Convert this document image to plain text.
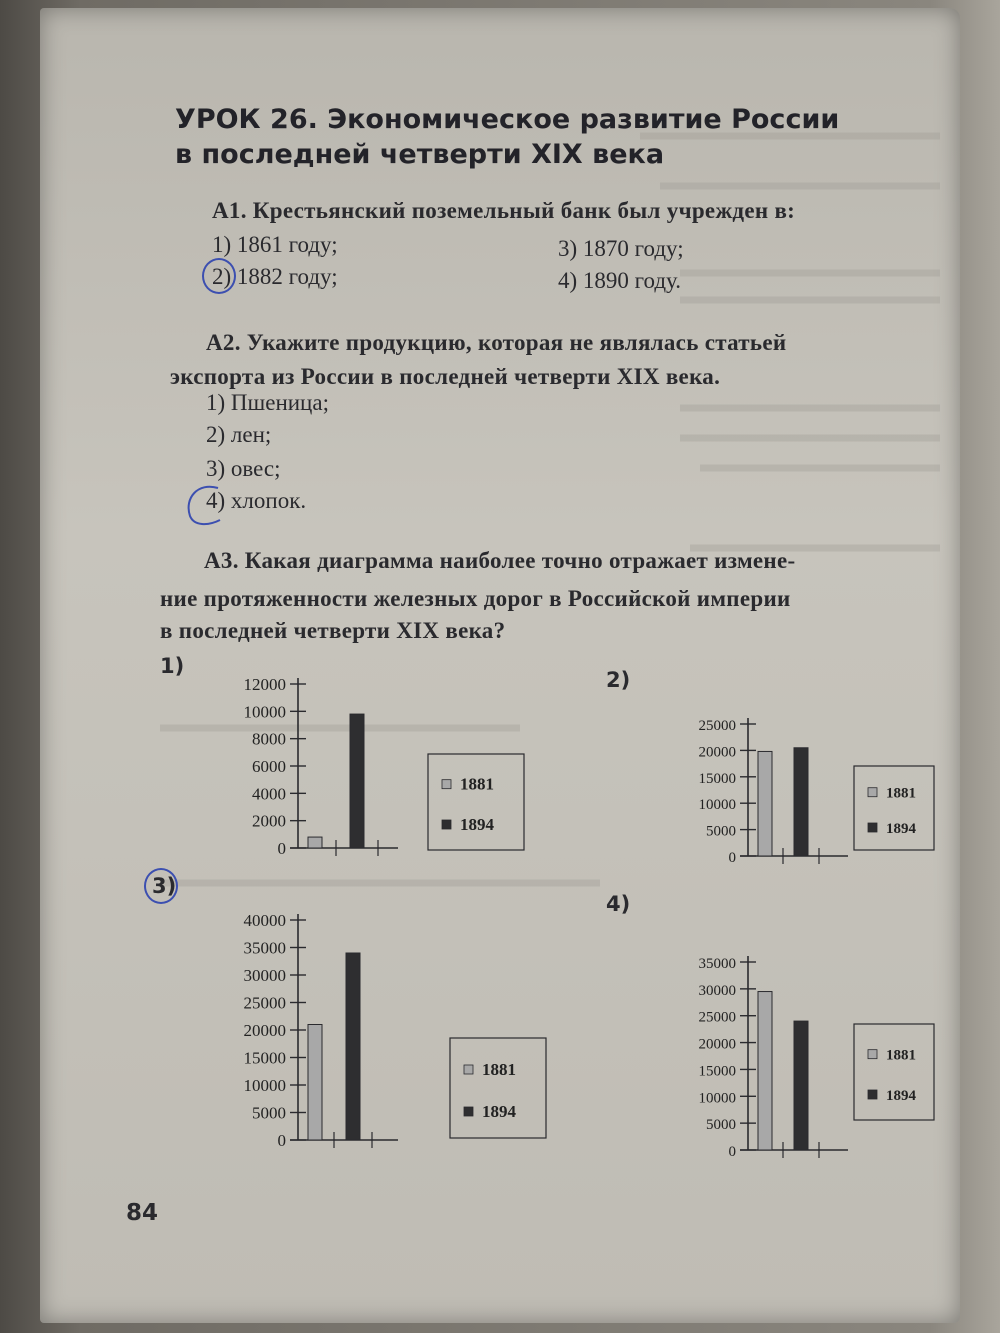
УРОК 26. Экономическое развитие России
в последней четверти XIX века
А1. Крестьянский поземельный банк был учрежден в:
1) 1861 году;	3) 1870 году;
2) 1882 году;	4) 1890 году.
А2. Укажите продукцию, которая не являлась статьей
экспорта из России в последней четверти XIX века.
1) Пшеница;
2) лен;
3) овес;
4) хлопок.
А3. Какая диаграмма наиболее точно отражает измене-
ние протяженности железных дорог в Российской империи
в последней четверти XIX века?
1)
2)
3)
4)
0
2000
4000
6000
8000
10000
12000
1881
1894
0
5000
10000
15000
20000
25000
1881
1894
0
5000
10000
15000
20000
25000
30000
35000
40000
1881
1894
0
5000
10000
15000
20000
25000
30000
35000
1881
1894
84
